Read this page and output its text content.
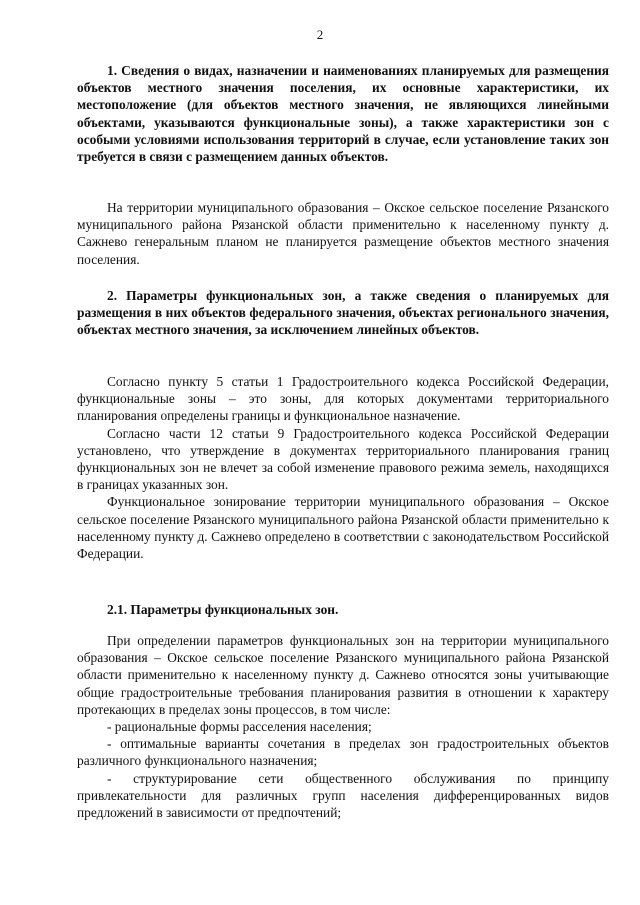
2

1. Сведения о видах, назначении и наименованиях планируемых для размещения объектов местного значения поселения, их основные характеристики, их местоположение (для объектов местного значения, не являющихся линейными объектами, указываются функциональные зоны), а также характеристики зон с особыми условиями использования территорий в случае, если установление таких зон требуется в связи с размещением данных объектов.

На территории муниципального образования – Окское сельское поселение Рязанского муниципального района Рязанской области применительно к населенному пункту д. Сажнево генеральным планом не планируется размещение объектов местного значения поселения.

2. Параметры функциональных зон, а также сведения о планируемых для размещения в них объектов федерального значения, объектах регионального значения, объектах местного значения, за исключением линейных объектов.

Согласно пункту 5 статьи 1 Градостроительного кодекса Российской Федерации, функциональные зоны – это зоны, для которых документами территориального планирования определены границы и функциональное назначение.

Согласно части 12 статьи 9 Градостроительного кодекса Российской Федерации установлено, что утверждение в документах территориального планирования границ функциональных зон не влечет за собой изменение правового режима земель, находящихся в границах указанных зон.

Функциональное зонирование территории муниципального образования – Окское сельское поселение Рязанского муниципального района Рязанской области применительно к населенному пункту д. Сажнево определено в соответствии с законодательством Российской Федерации.

2.1. Параметры функциональных зон.

При определении параметров функциональных зон на территории муниципального образования – Окское сельское поселение Рязанского муниципального района Рязанской области применительно к населенному пункту д. Сажнево относятся зоны учитывающие общие градостроительные требования планирования развития в отношении к характеру протекающих в пределах зоны процессов, в том числе:

- рациональные формы расселения населения;

- оптимальные варианты сочетания в пределах зон градостроительных объектов различного функционального назначения;

- структурирование сети общественного обслуживания по принципу привлекательности для различных групп населения дифференцированных видов предложений в зависимости от предпочтений;
